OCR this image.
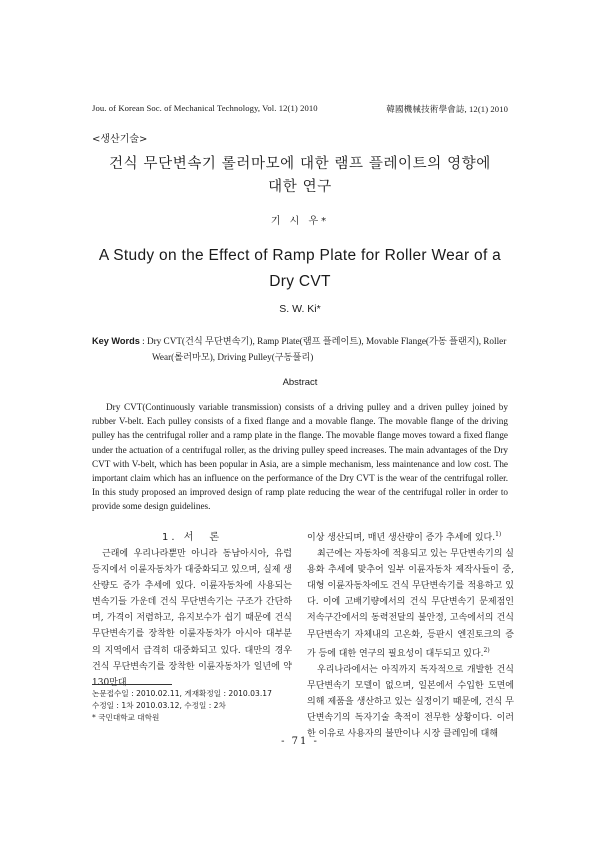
Jou. of Korean Soc. of Mechanical Technology, Vol. 12(1) 2010	韓國機械技術學會誌, 12(1) 2010
<생산기술>
건식 무단변속기 롤러마모에 대한 램프 플레이트의 영향에
대한 연구
기 시 우*
A Study on the Effect of Ramp Plate for Roller Wear of a
Dry CVT
S. W. Ki*
Key Words : Dry CVT(건식 무단변속기), Ramp Plate(램프 플레이트), Movable Flange(가동 플랜지), Roller Wear(롤러마모), Driving Pulley(구동풀리)
Abstract
Dry CVT(Continuously variable transmission) consists of a driving pulley and a driven pulley joined by rubber V-belt. Each pulley consists of a fixed flange and a movable flange. The movable flange of the driving pulley has the centrifugal roller and a ramp plate in the flange. The movable flange moves toward a fixed flange under the actuation of a centrifugal roller, as the driving pulley speed increases. The main advantages of the Dry CVT with V-belt, which has been popular in Asia, are a simple mechanism, less maintenance and low cost. The important claim which has an influence on the performance of the Dry CVT is the wear of the centrifugal roller. In this study proposed an improved design of ramp plate reducing the wear of the centrifugal roller in order to provide some design guidelines.
1. 서　론

근래에 우리나라뿐만 아니라 동남아시아, 유럽 등지에서 이륜자동차가 대중화되고 있으며, 실제 생산량도 증가 추세에 있다. 이륜자동차에 사용되는 변속기들 가운데 건식 무단변속기는 구조가 간단하며, 가격이 저렴하고, 유지보수가 쉽기 때문에 건식 무단변속기를 장착한 이륜자동차가 아시아 대부분의 지역에서 급격히 대중화되고 있다. 대만의 경우 건식 무단변속기를 장착한 이륜자동차가 일년에 약 130만대

이상 생산되며, 매년 생산량이 증가 추세에 있다.$^{1)}$

최근에는 자동차에 적용되고 있는 무단변속기의 실용화 추세에 맞추어 일부 이륜자동차 제작사들이 중, 대형 이륜자동차에도 건식 무단변속기를 적용하고 있다. 이에 고배기량에서의 건식 무단변속기 문제점인 저속구간에서의 동력전달의 불안정, 고속에서의 건식 무단변속기 자체내의 고온화, 등판시 엔진토크의 증가 등에 대한 연구의 필요성이 대두되고 있다.$^{2)}$

우리나라에서는 아직까지 독자적으로 개발한 건식 무단변속기 모델이 없으며, 일본에서 수입한 도면에 의해 제품을 생산하고 있는 실정이기 때문에, 건식 무단변속기의 독자기술 축적이 전무한 상황이다. 이러한 이유로 사용자의 불만이나 시장 클레임에 대해

논문접수일 : 2010.02.11, 게재확정일 : 2010.03.17
수정일 : 1차 2010.03.12, 수정일 : 2차
* 국민대학교 대학원
- 71 -
